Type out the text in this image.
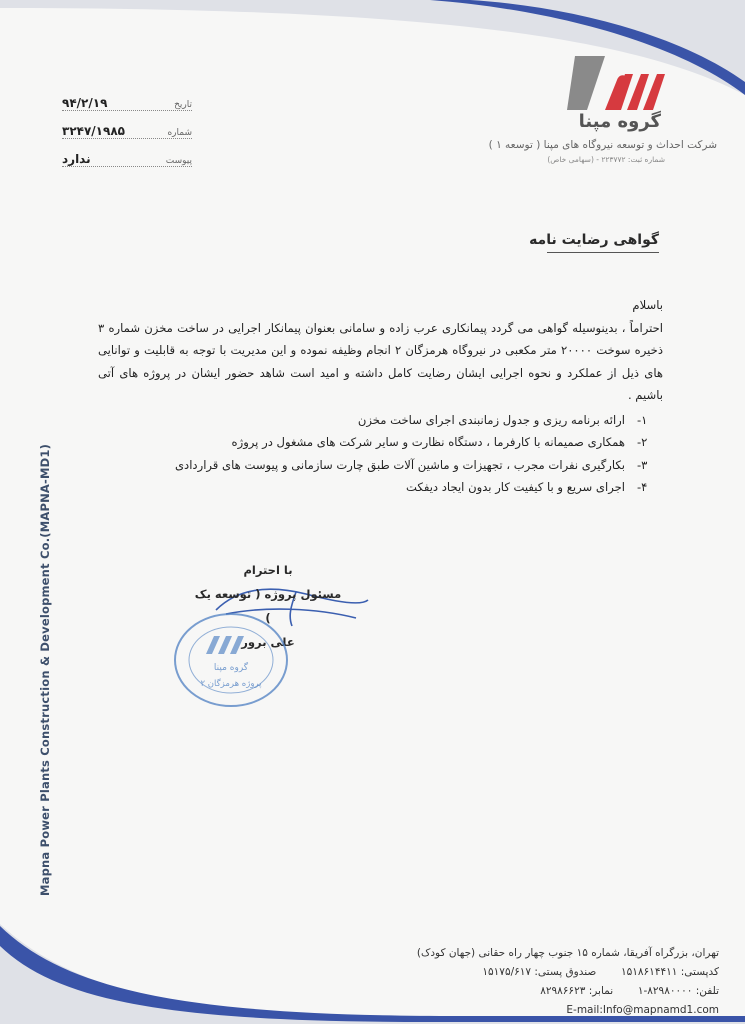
گروه مپنا
شرکت احداث و توسعه نیروگاه های مپنا ( توسعه ۱ )
شماره ثبت: ۲۲۳۷۷۲ - (سهامی خاص)
تاریخ
۹۴/۲/۱۹
شماره
۳۲۴۷/۱۹۸۵
پیوست
ندارد
گواهی رضایت نامه
باسلام
احتراماً ، بدینوسیله گواهی می گردد پیمانکاری عرب زاده و سامانی بعنوان پیمانکار اجرایی در ساخت مخزن شماره ۳ ذخیره سوخت ۲۰۰۰۰ متر مکعبی در نیروگاه هرمزگان ۲ انجام وظیفه نموده و این مدیریت با توجه به قابلیت و توانایی های ذیل از عملکرد و نحوه اجرایی ایشان رضایت کامل داشته و امید است شاهد حضور ایشان در پروژه های آتی باشیم .
-۱
ارائه برنامه ریزی و جدول زمانبندی اجرای ساخت مخزن
-۲
همکاری صمیمانه با کارفرما ، دستگاه نظارت و سایر شرکت های مشغول در پروژه
-۳
بکارگیری نفرات مجرب ، تجهیزات و ماشین آلات طبق چارت سازمانی و پیوست های قراردادی
-۴
اجرای سریع و با کیفیت کار بدون ایجاد دیفکت
با احترام
مسئول پروژه ( توسعه یک )
علی برور
گروه مپنا
پروژه هرمزگان ۲
Mapna Power Plants Construction & Development Co.(MAPNA-MD1)
تهران، بزرگراه آفریقا، شماره ۱۵ جنوب چهار راه حقانی (جهان کودک)
کدپستی: ۱۵۱۸۶۱۴۴۱۱  صندوق پستی: ۱۵۱۷۵/۶۱۷
تلفن: ۸۲۹۸۰۰۰۰-۱  نمابر: ۸۲۹۸۶۶۲۳
E-mail:Info@mapnamd1.com
